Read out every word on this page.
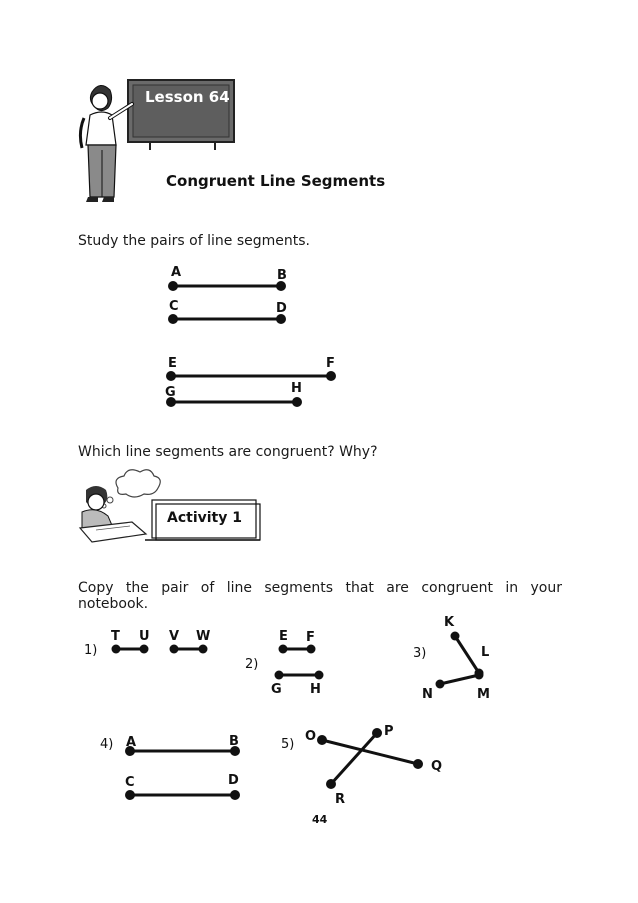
A	B
C	D
E	F
G	H
1)
T U V W
2)
E F
G H
3)
K
L
N	M
4) A	B
C	D
5)
O	P
Q
R
Lesson 64
Congruent Line Segments
Study the pairs of line segments.
Which line segments are congruent? Why?
Activity 1
Copy the pair of line segments that are congruent in your
notebook.
44
